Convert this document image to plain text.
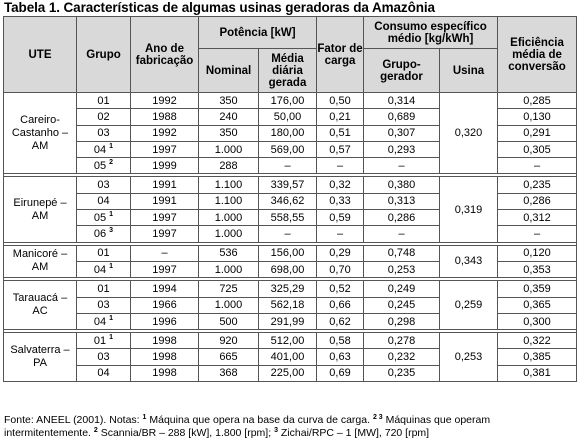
Tabela 1. Características de algumas usinas geradoras da Amazônia
UTE	Grupo	Ano de fabricação	Potência [kW]		Fator de carga	Consumo específico médio [kg/kWh]		Eficiência média de conversão
			Nominal	Média diária gerada		Grupo-gerador	Usina	
Careiro-Castanho – AM	01	1992	350	176,00	0,50	0,314	0,320	0,285
	02	1988	240	50,00	0,21	0,689		0,130
	03	1992	350	180,00	0,51	0,307		0,291
	04 $^1$	1997	1.000	569,00	0,57	0,293		0,305
	05 $^2$	1999	288	–	–	–		–

Eirunepé – AM	03	1991	1.100	339,57	0,32	0,380	0,319	0,235
	04	1991	1.100	346,62	0,33	0,313		0,286
	05 $^1$	1997	1.000	558,55	0,59	0,286		0,312
	06 $^3$	1997	1.000	–	–	–		–

Manicoré – AM	01	–	536	156,00	0,29	0,748	0,343	0,120
	04 $^1$	1997	1.000	698,00	0,70	0,253		0,353

Tarauacá – AC	01	1994	725	325,29	0,52	0,249	0,259	0,359
	03	1966	1.000	562,18	0,66	0,245		0,365
	04 $^1$	1996	500	291,99	0,62	0,298		0,300

Salvaterra – PA	01 $^1$	1998	920	512,00	0,58	0,278	0,253	0,322
	03	1998	665	401,00	0,63	0,232		0,385
	04	1998	368	225,00	0,69	0,235		0,381
Fonte: ANEEL (2001). Notas: $^1$ Máquina que opera na base da curva de carga. $^{2 3}$ Máquinas que operam intermitentemente. $^2$ Scannia/BR – 288 [kW], 1.800 [rpm]; $^3$ Zichai/RPC – 1 [MW], 720 [rpm]
